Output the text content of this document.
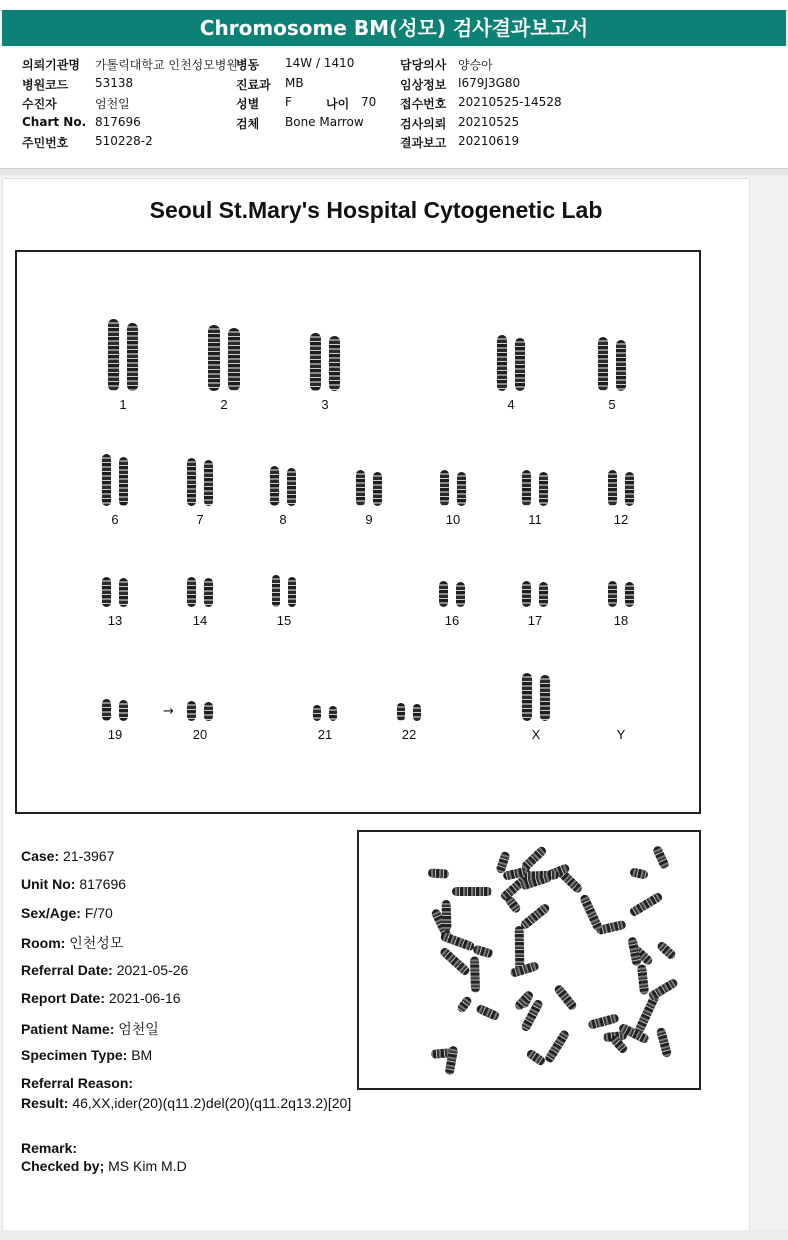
Chromosome BM(성모) 검사결과보고서
의뢰기관명 가톨릭대학교 인천성모병원
병동 14W / 1410	담당의사 양승아
병원코드 53138	진료과 MB	임상정보 I679J3G80
수진자	엄천일	성별 F	나이 70 접수번호 20210525-14528
Chart No. 817696	검체 Bone Marrow	검사의뢰 20210525
주민번호 510228-2	결과보고 20210619
Seoul St.Mary's Hospital Cytogenetic Lab
1	2	3	4	5
6	7	8	9	10	11	12
13	14	15	16	17	18
19	20	21	22	X	Y
→
Case: 21-3967
Unit No: 817696
Sex/Age: F/70
Room: 인천성모
Referral Date: 2021-05-26
Report Date: 2021-06-16
Patient Name: 엄천일
Specimen Type: BM
Referral Reason:
Result: 46,XX,ider(20)(q11.2)del(20)(q11.2q13.2)[20]
Remark:
Checked by; MS Kim M.D
